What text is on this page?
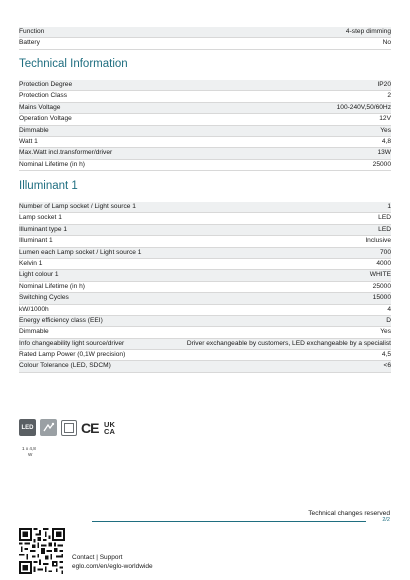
Function	4-step dimming
Battery	No
Technical Information
Protection Degree	IP20
Protection Class	2
Mains Voltage	100-240V,50/60Hz
Operation Voltage	12V
Dimmable	Yes
Watt 1	4,8
Max.Watt incl.transformer/driver	13W
Nominal Lifetime (in h)	25000
Illuminant 1
Number of Lamp socket / Light source 1	1
Lamp socket 1	LED
Illuminant type 1	LED
Illuminant 1	Inclusive
Lumen each Lamp socket / Light source 1	700
Kelvin 1	4000
Light colour 1	WHITE
Nominal Lifetime (in h)	25000
Switching Cycles	15000
kW/1000h	4
Energy efficiency class (EEI)	D
Dimmable	Yes
Info changeability light source/driver	Driver exchangeable by customers, LED exchangeable by a specialist
Rated Lamp Power (0,1W precision)	4,5
Colour Tolerance (LED, SDCM)	<6
LED	CE UK
CA
1 x 4,8
W
Technical changes reserved
2/2
Contact | Support
eglo.com/en/eglo-worldwide
